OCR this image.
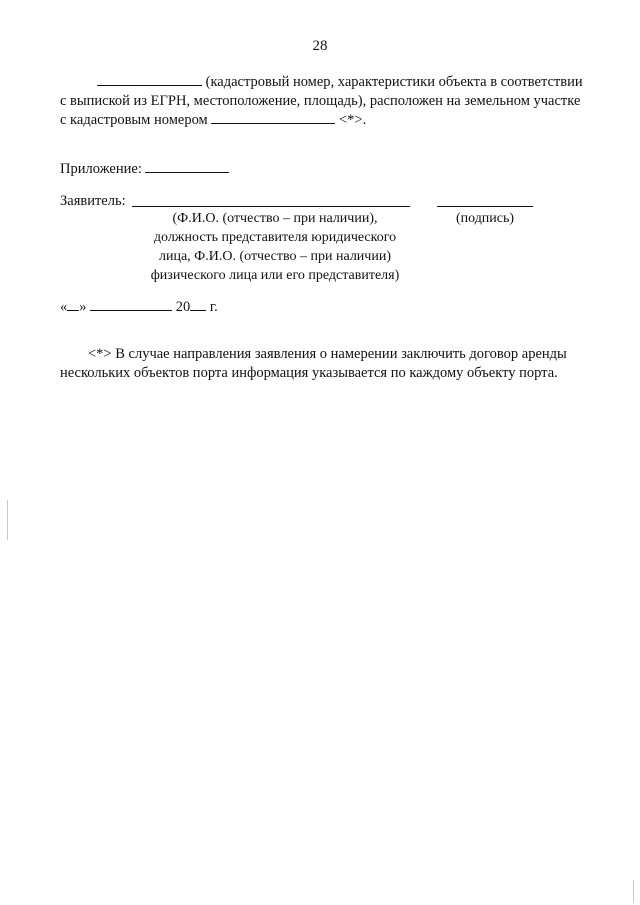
28
(кадастровый номер, характеристики объекта в соответствии
с выпиской из ЕГРН, местоположение, площадь), расположен на земельном участке
с кадастровым номером	<*>.
Приложение:
Заявитель:
(Ф.И.О. (отчество – при наличии),
должность представителя юридического
лица, Ф.И.О. (отчество – при наличии)
физического лица или его представителя)
(подпись)
« »	20 г.
<*> В случае направления заявления о намерении заключить договор аренды
нескольких объектов порта информация указывается по каждому объекту порта.
